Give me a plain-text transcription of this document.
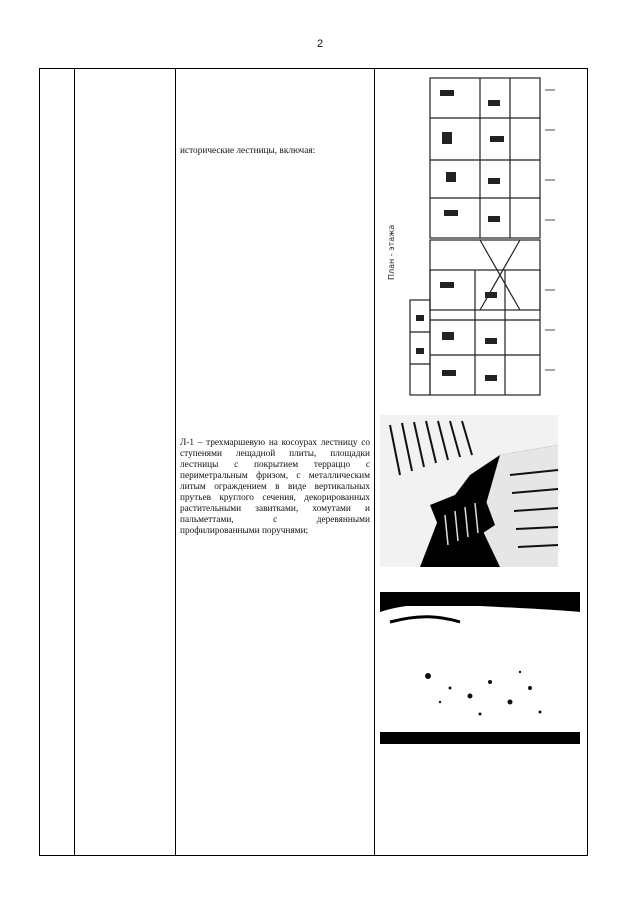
2
исторические лестницы, включая:
Л-1 – трехмаршевую на косоурах лестницу со ступенями лещадной плиты, площадки лестницы с покрытием терраццо с периметральным фризом, с металлическим литым ограждением в виде вертикальных прутьев круглого сечения, декорированных растительными завитками, хомутами и пальметтами, с деревянными профилированными поручнями;
План - этажа
